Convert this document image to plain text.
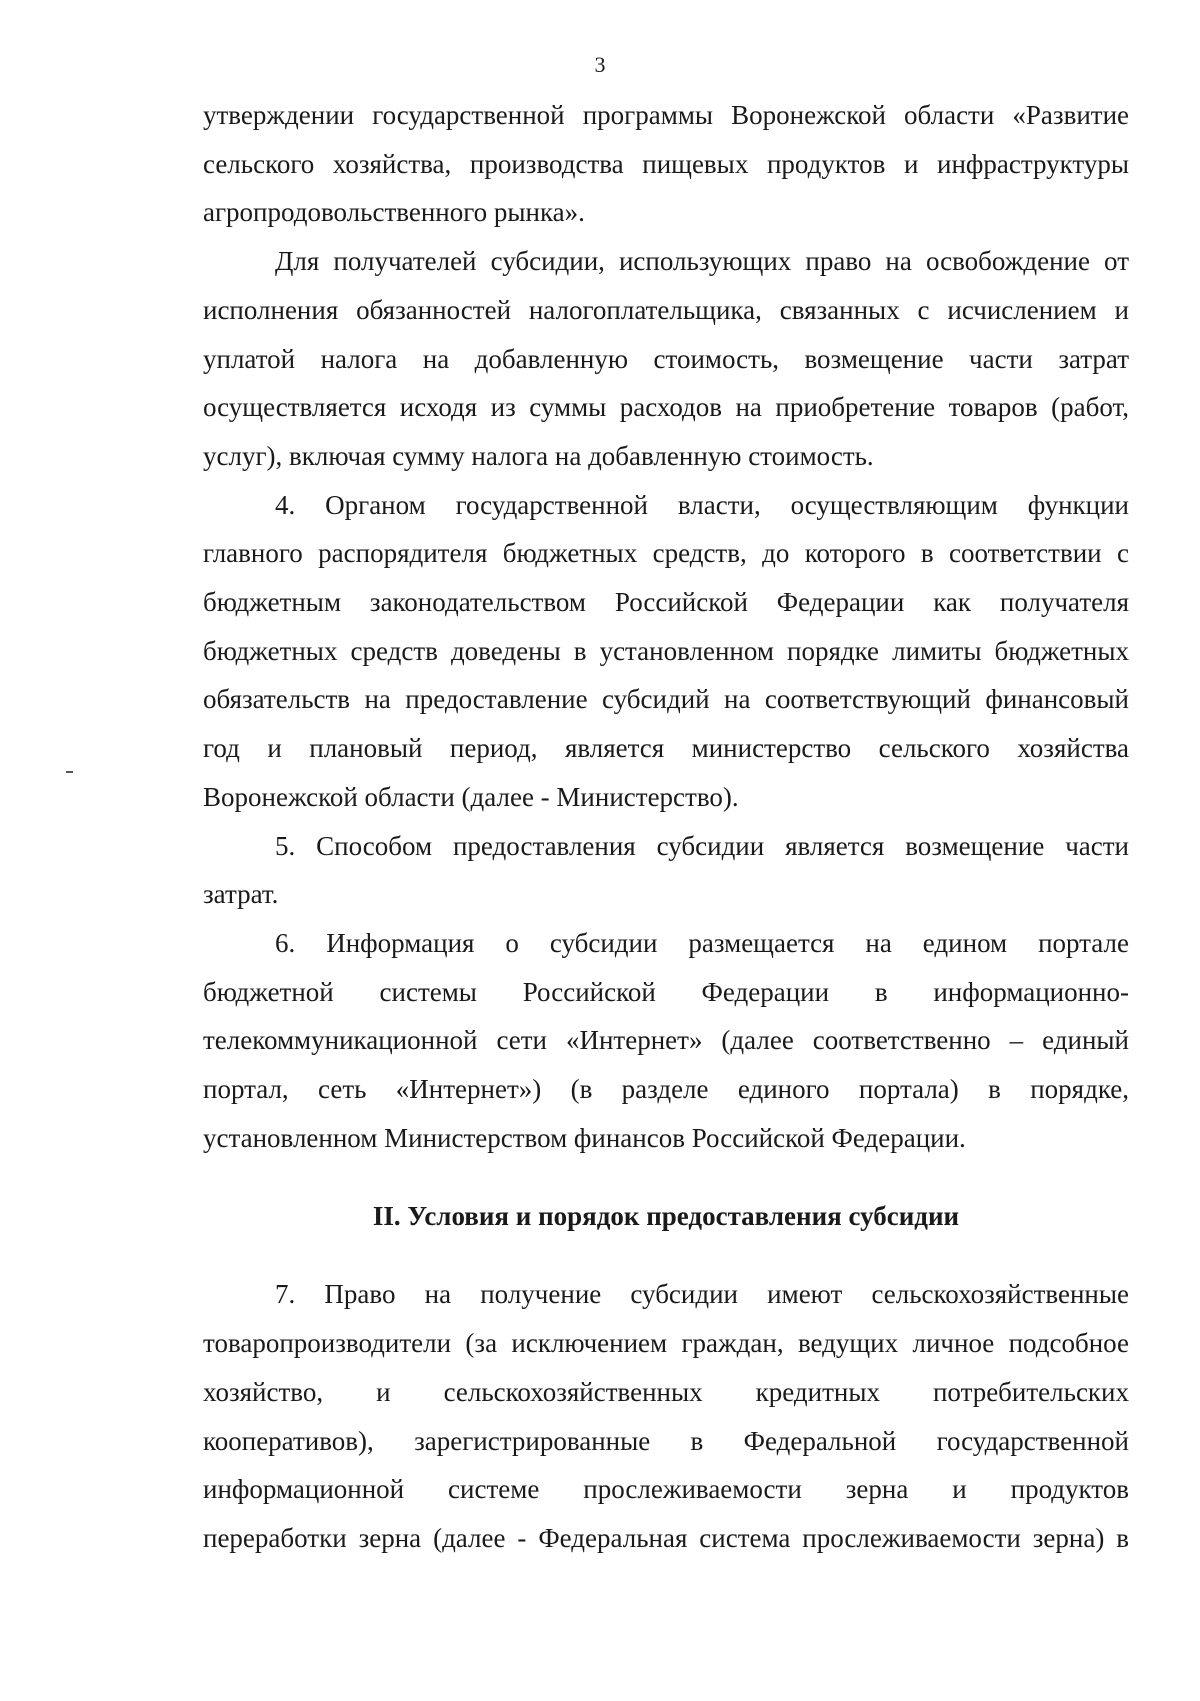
3
утверждении государственной программы Воронежской области «Развитие
сельского хозяйства, производства пищевых продуктов и инфраструктуры
агропродовольственного рынка».
Для получателей субсидии, использующих право на освобождение от
исполнения обязанностей налогоплательщика, связанных с исчислением и
уплатой налога на добавленную стоимость, возмещение части затрат
осуществляется исходя из суммы расходов на приобретение товаров (работ,
услуг), включая сумму налога на добавленную стоимость.
4. Органом государственной власти, осуществляющим функции
главного распорядителя бюджетных средств, до которого в соответствии с
бюджетным законодательством Российской Федерации как получателя
бюджетных средств доведены в установленном порядке лимиты бюджетных
обязательств на предоставление субсидий на соответствующий финансовый
год и плановый период, является министерство сельского хозяйства
Воронежской области (далее - Министерство).
5. Способом предоставления субсидии является возмещение части
затрат.
6. Информация о субсидии размещается на едином портале
бюджетной системы Российской Федерации в информационно-
телекоммуникационной сети «Интернет» (далее соответственно – единый
портал, сеть «Интернет») (в разделе единого портала) в порядке,
установленном Министерством финансов Российской Федерации.
II. Условия и порядок предоставления субсидии
7. Право на получение субсидии имеют сельскохозяйственные
товаропроизводители (за исключением граждан, ведущих личное подсобное
хозяйство, и сельскохозяйственных кредитных потребительских
кооперативов), зарегистрированные в Федеральной государственной
информационной системе прослеживаемости зерна и продуктов
переработки зерна (далее - Федеральная система прослеживаемости зерна) в
